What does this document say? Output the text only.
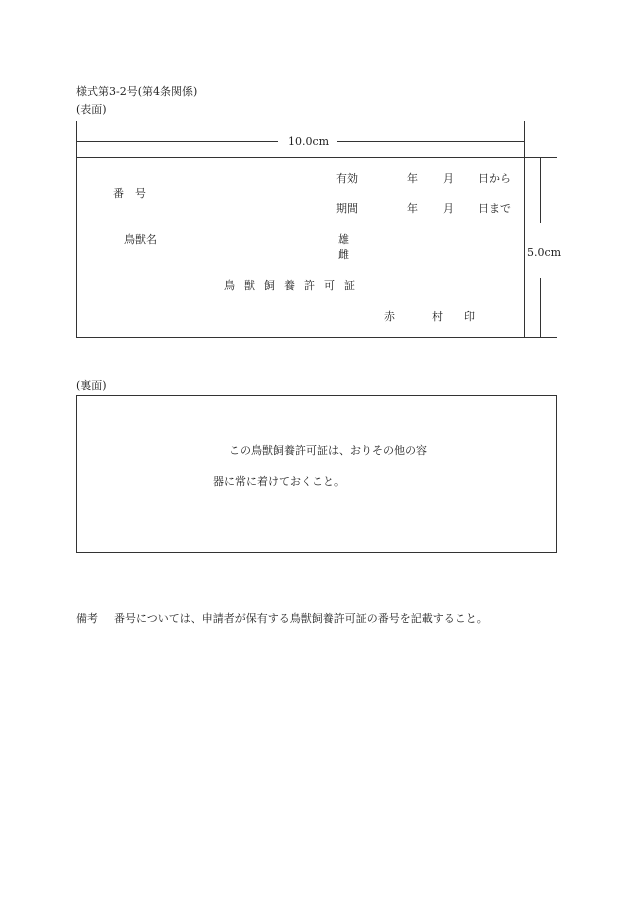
様式第3-2号(第4条関係)
(表面)
10.0cm
5.0cm
番　号
有効
期間
年 月 日から
年 月 日まで
鳥獣名	雄
雌
鳥獣飼養許可証
赤	村 印
(裏面)
この鳥獣飼養許可証は、おりその他の容
器に常に着けておくこと。
備考 番号については、申請者が保有する鳥獣飼養許可証の番号を記載すること。
